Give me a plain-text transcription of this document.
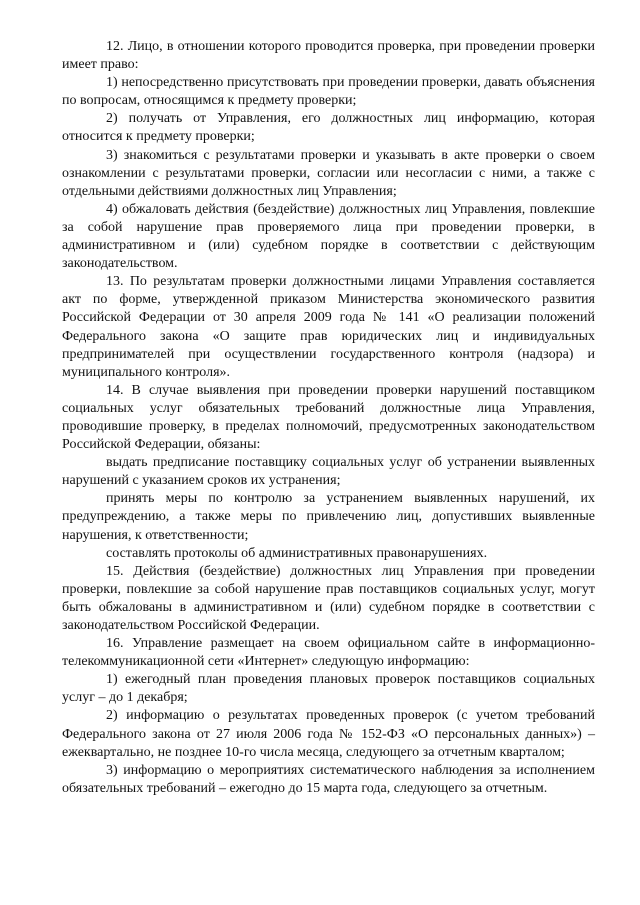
12. Лицо, в отношении которого проводится проверка, при проведении проверки имеет право:

1) непосредственно присутствовать при проведении проверки, давать объяснения по вопросам, относящимся к предмету проверки;

2) получать от Управления, его должностных лиц информацию, которая относится к предмету проверки;

3) знакомиться с результатами проверки и указывать в акте проверки о своем ознакомлении с результатами проверки, согласии или несогласии с ними, а также с отдельными действиями должностных лиц Управления;

4) обжаловать действия (бездействие) должностных лиц Управления, повлекшие за собой нарушение прав проверяемого лица при проведении проверки, в административном и (или) судебном порядке в соответствии с действующим законодательством.

13. По результатам проверки должностными лицами Управления составляется акт по форме, утвержденной приказом Министерства экономического развития Российской Федерации от 30 апреля 2009 года № 141 «О реализации положений Федерального закона «О защите прав юридических лиц и индивидуальных предпринимателей при осуществлении государственного контроля (надзора) и муниципального контроля».

14. В случае выявления при проведении проверки нарушений поставщиком социальных услуг обязательных требований должностные лица Управления, проводившие проверку, в пределах полномочий, предусмотренных законодательством Российской Федерации, обязаны:

выдать предписание поставщику социальных услуг об устранении выявленных нарушений с указанием сроков их устранения;

принять меры по контролю за устранением выявленных нарушений, их предупреждению, а также меры по привлечению лиц, допустивших выявленные нарушения, к ответственности;

составлять протоколы об административных правонарушениях.

15. Действия (бездействие) должностных лиц Управления при проведении проверки, повлекшие за собой нарушение прав поставщиков социальных услуг, могут быть обжалованы в административном и (или) судебном порядке в соответствии с законодательством Российской Федерации.

16. Управление размещает на своем официальном сайте в информационно-телекоммуникационной сети «Интернет» следующую информацию:

1) ежегодный план проведения плановых проверок поставщиков социальных услуг – до 1 декабря;

2) информацию о результатах проведенных проверок (с учетом требований Федерального закона от 27 июля 2006 года № 152-ФЗ «О персональных данных») – ежеквартально, не позднее 10-го числа месяца, следующего за отчетным кварталом;

3) информацию о мероприятиях систематического наблюдения за исполнением обязательных требований – ежегодно до 15 марта года, следующего за отчетным.
